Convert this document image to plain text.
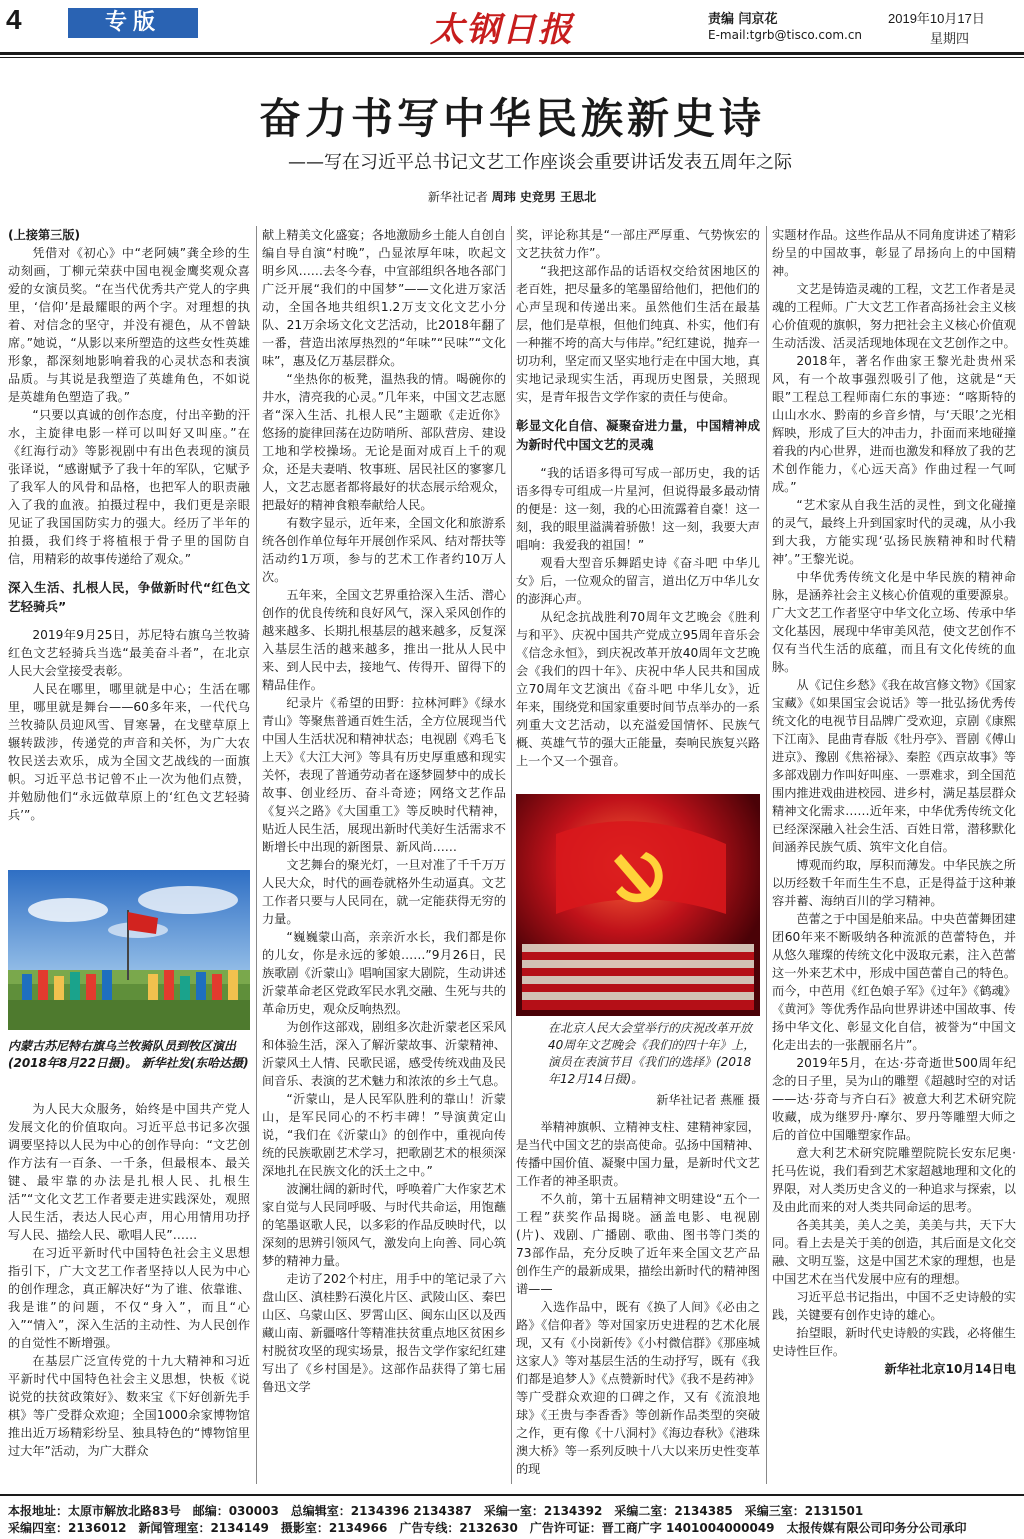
4	专版	太钢日报	责编 闫京花
E-mail:tgrb@tisco.com.cn
2019年10月17日
星期四
奋力书写中华民族新史诗
——写在习近平总书记文艺工作座谈会重要讲话发表五周年之际
新华社记者 周玮 史竞男 王思北

(上接第三版)

凭借对《初心》中“老阿姨”龚全珍的生动刻画，丁柳元荣获中国电视金鹰奖观众喜爱的女演员奖。“在当代优秀共产党人的字典里，‘信仰’是最耀眼的两个字。对理想的执着、对信念的坚守，并没有褪色，从不曾缺席。”她说，“从影以来所塑造的这些女性英雄形象，都深刻地影响着我的心灵状态和表演品质。与其说是我塑造了英雄角色，不如说是英雄角色塑造了我。”

“只要以真诚的创作态度，付出辛勤的汗水，主旋律电影一样可以叫好又叫座。”在《红海行动》等影视剧中有出色表现的演员张译说，“感谢赋予了我十年的军队，它赋予了我军人的风骨和品格，也把军人的职责融入了我的血液。拍摄过程中，我们更是亲眼见证了我国国防实力的强大。经历了半年的拍摄，我们终于将植根于骨子里的国防自信，用精彩的故事传递给了观众。”

深入生活、扎根人民，争做新时代“红色文艺轻骑兵”

2019年9月25日，苏尼特右旗乌兰牧骑红色文艺轻骑兵当选“最美奋斗者”，在北京人民大会堂接受表彰。

人民在哪里，哪里就是中心；生活在哪里，哪里就是舞台——60多年来，一代代乌兰牧骑队员迎风雪、冒寒暑，在戈壁草原上辗转跋涉，传递党的声音和关怀，为广大农牧民送去欢乐，成为全国文艺战线的一面旗帜。习近平总书记曾不止一次为他们点赞，并勉励他们“永远做草原上的‘红色文艺轻骑兵’”。

内蒙古苏尼特右旗乌兰牧骑队员到牧区演出(2018年8月22日摄)。 新华社发(东哈达摄)

为人民大众服务，始终是中国共产党人发展文化的价值取向。习近平总书记多次强调要坚持以人民为中心的创作导向：“文艺创作方法有一百条、一千条，但最根本、最关键、最牢靠的办法是扎根人民、扎根生活”“文化文艺工作者要走进实践深处，观照人民生活，表达人民心声，用心用情用功抒写人民、描绘人民、歌唱人民”……

在习近平新时代中国特色社会主义思想指引下，广大文艺工作者坚持以人民为中心的创作理念，真正解决好“为了谁、依靠谁、我是谁”的问题，不仅“身入”，而且“心入”“情入”，深入生活的主动性、为人民创作的自觉性不断增强。

在基层广泛宣传党的十九大精神和习近平新时代中国特色社会主义思想，快板《说说党的扶贫政策好》、数来宝《下好创新先手棋》等广受群众欢迎；全国1000余家博物馆推出近万场精彩纷呈、独具特色的“博物馆里过大年”活动，为广大群众

献上精美文化盛宴；各地激励乡土能人自创自编自导自演“村晚”，凸显浓厚年味，吹起文明乡风……去冬今春，中宣部组织各地各部门广泛开展“我们的中国梦”——文化进万家活动，全国各地共组织1.2万支文化文艺小分队、21万余场文化文艺活动，比2018年翻了一番，营造出浓厚热烈的“年味”“民味”“文化味”，惠及亿万基层群众。

“坐热你的板凳，温热我的情。喝碗你的井水，清亮我的心灵。”几年来，中国文艺志愿者“深入生活、扎根人民”主题歌《走近你》悠扬的旋律回荡在边防哨所、部队营房、建设工地和学校操场。无论是面对成百上千的观众，还是夫妻哨、牧事班、居民社区的寥寥几人，文艺志愿者都将最好的状态展示给观众，把最好的精神食粮奉献给人民。

有数字显示，近年来，全国文化和旅游系统各创作单位每年开展创作采风、结对帮扶等活动约1万项，参与的艺术工作者约10万人次。

五年来，全国文艺界重拾深入生活、潜心创作的优良传统和良好风气，深入采风创作的越来越多、长期扎根基层的越来越多，反复深入基层生活的越来越多，推出一批从人民中来、到人民中去，接地气、传得开、留得下的精品佳作。

纪录片《希望的田野：拉林河畔》《绿水青山》等聚焦普通百姓生活，全方位展现当代中国人生活状况和精神状态；电视剧《鸡毛飞上天》《大江大河》等具有历史厚重感和现实关怀，表现了普通劳动者在逐梦圆梦中的成长故事、创业经历、奋斗奇迹；网络文艺作品《复兴之路》《大国重工》等反映时代精神，贴近人民生活，展现出新时代美好生活需求不断增长中出现的新图景、新风尚……

文艺舞台的聚光灯，一旦对准了千千万万人民大众，时代的画卷就格外生动逼真。文艺工作者只要与人民同在，就一定能获得无穷的力量。

“巍巍蒙山高，亲亲沂水长，我们都是你的儿女，你是永远的爹娘……”9月26日，民族歌剧《沂蒙山》唱响国家大剧院，生动讲述沂蒙革命老区党政军民水乳交融、生死与共的革命历史，观众反响热烈。

为创作这部戏，剧组多次赴沂蒙老区采风和体验生活，深入了解沂蒙故事、沂蒙精神、沂蒙风土人情、民歌民谣，感受传统戏曲及民间音乐、表演的艺术魅力和浓浓的乡土气息。

“沂蒙山，是人民军队胜利的靠山！沂蒙山，是军民同心的不朽丰碑！”导演黄定山说，“我们在《沂蒙山》的创作中，重视向传统的民族歌剧艺术学习，把歌剧艺术的根须深深地扎在民族文化的沃土之中。”

波澜壮阔的新时代，呼唤着广大作家艺术家自觉与人民同呼吸、与时代共命运，用饱蘸的笔墨讴歌人民，以多彩的作品反映时代，以深刻的思辨引领风气，激发向上向善、同心筑梦的精神力量。

走访了202个村庄，用手中的笔记录了六盘山区、滇桂黔石漠化片区、武陵山区、秦巴山区、乌蒙山区、罗霄山区、闽东山区以及西藏山南、新疆喀什等精准扶贫重点地区贫困乡村脱贫攻坚的现实场景，报告文学作家纪红建写出了《乡村国是》。这部作品获得了第七届鲁迅文学

奖，评论称其是“一部庄严厚重、气势恢宏的文艺扶贫力作”。

“我把这部作品的话语权交给贫困地区的老百姓，把尽量多的笔墨留给他们，把他们的心声呈现和传递出来。虽然他们生活在最基层，他们是草根，但他们纯真、朴实，他们有一种摧不垮的高大与伟岸。”纪红建说，抛弃一切功利，坚定而又坚实地行走在中国大地，真实地记录现实生活，再现历史图景，关照现实，是青年报告文学作家的责任与使命。

彰显文化自信、凝聚奋进力量，中国精神成为新时代中国文艺的灵魂

“我的话语多得可写成一部历史，我的话语多得专可组成一片星河，但说得最多最动情的便是：这一刻，我的心田流露着自豪！这一刻，我的眼里溢满着骄傲！这一刻，我要大声唱响：我爱我的祖国！”

观看大型音乐舞蹈史诗《奋斗吧 中华儿女》后，一位观众的留言，道出亿万中华儿女的澎湃心声。

从纪念抗战胜利70周年文艺晚会《胜利与和平》、庆祝中国共产党成立95周年音乐会《信念永恒》，到庆祝改革开放40周年文艺晚会《我们的四十年》、庆祝中华人民共和国成立70周年文艺演出《奋斗吧 中华儿女》，近年来，围绕党和国家重要时间节点举办的一系列重大文艺活动，以充溢爱国情怀、民族气概、英雄气节的强大正能量，奏响民族复兴路上一个又一个强音。

在北京人民大会堂举行的庆祝改革开放40周年文艺晚会《我们的四十年》上，演员在表演节目《我们的选择》(2018年12月14日摄)。
新华社记者 燕雁 摄

举精神旗帜、立精神支柱、建精神家园，是当代中国文艺的崇高使命。弘扬中国精神、传播中国价值、凝聚中国力量，是新时代文艺工作者的神圣职责。

不久前，第十五届精神文明建设“五个一工程”获奖作品揭晓。涵盖电影、电视剧(片)、戏剧、广播剧、歌曲、图书等门类的73部作品，充分反映了近年来全国文艺产品创作生产的最新成果，描绘出新时代的精神图谱——

入选作品中，既有《换了人间》《必由之路》《信仰者》等对国家历史进程的艺术化展现，又有《小岗新传》《小村微信群》《那座城这家人》等对基层生活的生动抒写，既有《我们都是追梦人》《点赞新时代》《我不是药神》等广受群众欢迎的口碑之作，又有《流浪地球》《王贵与李香香》等创新作品类型的突破之作，更有像《十八洞村》《海边春秋》《港珠澳大桥》等一系列反映十八大以来历史性变革的现

实题材作品。这些作品从不同角度讲述了精彩纷呈的中国故事，彰显了昂扬向上的中国精神。

文艺是铸造灵魂的工程，文艺工作者是灵魂的工程师。广大文艺工作者高扬社会主义核心价值观的旗帜，努力把社会主义核心价值观生动活泼、活灵活现地体现在文艺创作之中。

2018年，著名作曲家王黎光赴贵州采风，有一个故事强烈吸引了他，这就是“天眼”工程总工程师南仁东的事迹：“喀斯特的山山水水、黔南的乡音乡情，与‘天眼’之光相辉映，形成了巨大的冲击力，扑面而来地碰撞着我的内心世界，进而也激发和释放了我的艺术创作能力，《心远天高》作曲过程一气呵成。”

“艺术家从自我生活的灵性，到文化碰撞的灵气，最终上升到国家时代的灵魂，从小我到大我，方能实现‘弘扬民族精神和时代精神’。”王黎光说。

中华优秀传统文化是中华民族的精神命脉，是涵养社会主义核心价值观的重要源泉。广大文艺工作者坚守中华文化立场、传承中华文化基因，展现中华审美风范，使文艺创作不仅有当代生活的底蕴，而且有文化传统的血脉。

从《记住乡愁》《我在故宫修文物》《国家宝藏》《如果国宝会说话》等一批弘扬优秀传统文化的电视节目品牌广受欢迎，京剧《康熙下江南》、昆曲青春版《牡丹亭》、晋剧《傅山进京》、豫剧《焦裕禄》、秦腔《西京故事》等多部戏剧力作叫好叫座、一票难求，到全国范围内推进戏曲进校园、进乡村，满足基层群众精神文化需求……近年来，中华优秀传统文化已经深深融入社会生活、百姓日常，潜移默化间涵养民族气质、筑牢文化自信。

博观而约取，厚积而薄发。中华民族之所以历经数千年而生生不息，正是得益于这种兼容并蓄、海纳百川的学习精神。

芭蕾之于中国是舶来品。中央芭蕾舞团建团60年来不断吸纳各种流派的芭蕾特色，并从悠久璀璨的传统文化中汲取元素，注入芭蕾这一外来艺术中，形成中国芭蕾自己的特色。而今，中芭用《红色娘子军》《过年》《鹤魂》《黄河》等优秀作品向世界讲述中国故事、传扬中华文化、彰显文化自信，被誉为“中国文化走出去的一张靓丽名片”。

2019年5月，在达·芬奇逝世500周年纪念的日子里，吴为山的雕塑《超越时空的对话——达·芬奇与齐白石》被意大利艺术研究院收藏，成为继罗丹·摩尔、罗丹等雕塑大师之后的首位中国雕塑家作品。

意大利艺术研究院雕塑院院长安东尼奥·托马佐说，我们看到艺术家超越地理和文化的界限，对人类历史含义的一种追求与探索，以及由此而来的对人类共同命运的思考。

各美其美，美人之美，美美与共，天下大同。看上去是关于美的创造，其后面是文化交融、文明互鉴，这是中国艺术家的理想，也是中国艺术在当代发展中应有的理想。

习近平总书记指出，中国不乏史诗般的实践，关键要有创作史诗的雄心。

抬望眼，新时代史诗般的实践，必将催生史诗性巨作。

新华社北京10月14日电

本报地址：太原市解放北路83号　邮编：030003　总编辑室：2134396 2134387　采编一室：2134392　采编二室：2134385　采编三室：2131501
采编四室：2136012　新闻管理室：2134149　摄影室：2134966　广告专线：2132630　广告许可证：晋工商广字 1401004000049　太报传媒有限公司印务分公司承印
